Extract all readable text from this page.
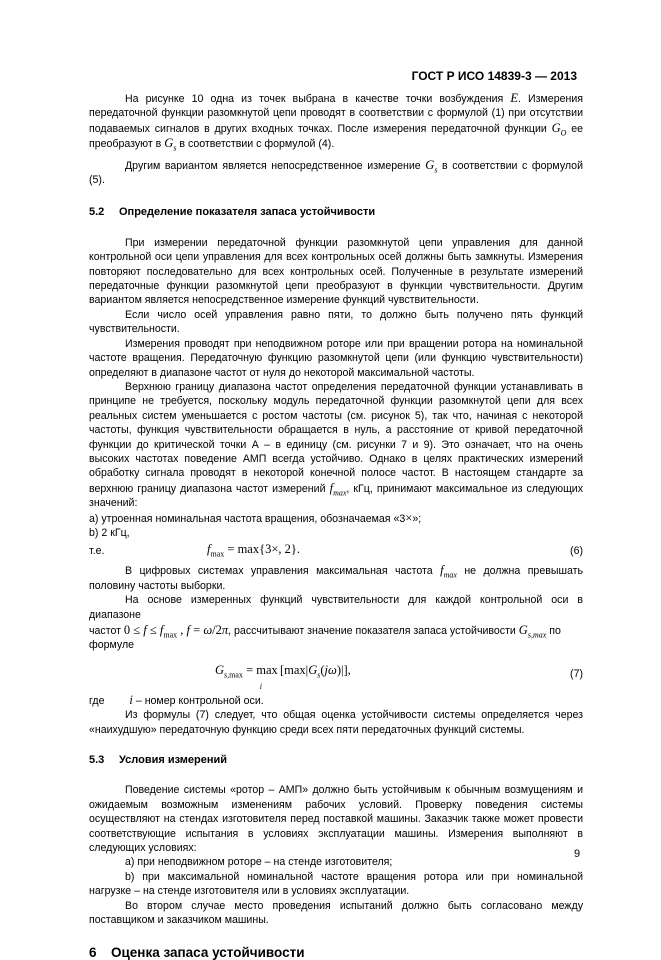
ГОСТ Р ИСО 14839-3 — 2013

На рисунке 10 одна из точек выбрана в качестве точки возбуждения E. Измерения передаточной функции разомкнутой цепи проводят в соответствии с формулой (1) при отсутствии подаваемых сигналов в других входных точках. После измерения передаточной функции $G_O$ ее преобразуют в $G_s$ в соответствии с формулой (4).

Другим вариантом является непосредственное измерение $G_s$ в соответствии с формулой (5).

5.2 Определение показателя запаса устойчивости

При измерении передаточной функции разомкнутой цепи управления для данной контрольной оси цепи управления для всех контрольных осей должны быть замкнуты. Измерения повторяют последовательно для всех контрольных осей. Полученные в результате измерений передаточные функции разомкнутой цепи преобразуют в функции чувствительности. Другим вариантом является непосредственное измерение функций чувствительности.

Если число осей управления равно пяти, то должно быть получено пять функций чувствительности.

Измерения проводят при неподвижном роторе или при вращении ротора на номинальной частоте вращения. Передаточную функцию разомкнутой цепи (или функцию чувствительности) определяют в диапазоне частот от нуля до некоторой максимальной частоты.

Верхнюю границу диапазона частот определения передаточной функции устанавливать в принципе не требуется, поскольку модуль передаточной функции разомкнутой цепи для всех реальных систем уменьшается с ростом частоты (см. рисунок 5), так что, начиная с некоторой частоты, функция чувствительности обращается в нуль, а расстояние от кривой передаточной функции до критической точки А – в единицу (см. рисунки 7 и 9). Это означает, что на очень высоких частотах поведение АМП всегда устойчиво. Однако в целях практических измерений обработку сигнала проводят в некоторой конечной полосе частот. В настоящем стандарте за верхнюю границу диапазона частот измерений $f_{max}$, кГц, принимают максимальное из следующих значений:

а) утроенная номинальная частота вращения, обозначаемая «3×»;
b) 2 кГц,
т.е.	$f_{max} = \max\{3\times$, 2}.	(6)

В цифровых системах управления максимальная частота $f_{max}$ не должна превышать половину частоты выборки.

На основе измеренных функций чувствительности для каждой контрольной оси в диапазоне

частот $0 \le f \le f_{max}$ , f = ω/2π, рассчитывают значение показателя запаса устойчивости $G_{s,max}$ по

формуле

$G_{s,max} = \max_i[\max|G_s(j\omega)|]$,	(7)

где i – номер контрольной оси.

Из формулы (7) следует, что общая оценка устойчивости системы определяется через «наихудшую» передаточную функцию среди всех пяти передаточных функций системы.

5.3 Условия измерений

Поведение системы «ротор – АМП» должно быть устойчивым к обычным возмущениям и ожидаемым возможным изменениям рабочих условий. Проверку поведения системы осуществляют на стендах изготовителя перед поставкой машины. Заказчик также может провести соответствующие испытания в условиях эксплуатации машины. Измерения выполняют в следующих условиях:

а) при неподвижном роторе – на стенде изготовителя;

b) при максимальной номинальной частоте вращения ротора или при номинальной нагрузке – на стенде изготовителя или в условиях эксплуатации.

Во втором случае место проведения испытаний должно быть согласовано между поставщиком и заказчиком машины.

6 Оценка запаса устойчивости
9
